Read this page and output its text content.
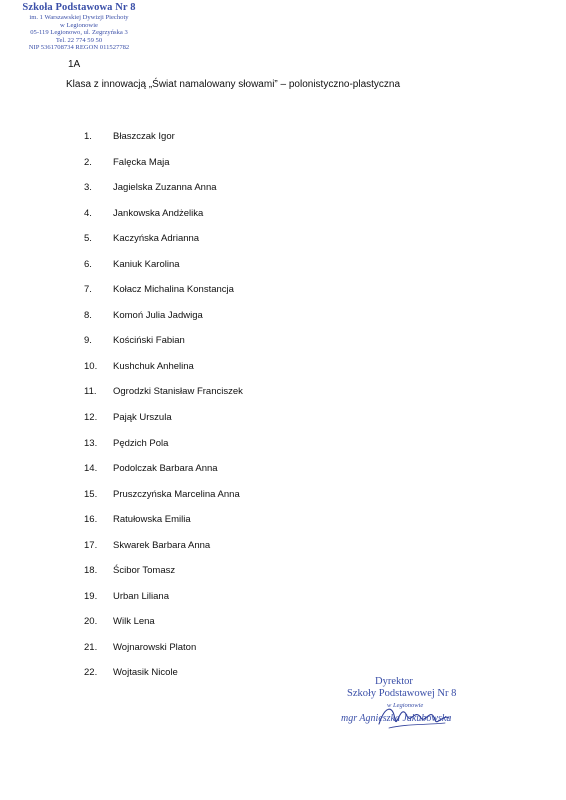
Szkoła Podstawowa Nr 8
im. 1 Warszawskiej Dywizji Piechoty
w Legionowie
05-119 Legionowo, ul. Zegrzyńska 3
Tel. 22 774 59 50
NIP 5361708734 REGON 011527782
1A
Klasa z innowacją „Świat namalowany słowami” – polonistyczno-plastyczna
1.	Błaszczak Igor
2.	Falęcka Maja
3.	Jagielska Zuzanna Anna
4.	Jankowska Andżelika
5.	Kaczyńska Adrianna
6.	Kaniuk Karolina
7.	Kołacz Michalina Konstancja
8.	Komoń Julia Jadwiga
9.	Kościński Fabian
10.	Kushchuk Anhelina
11.	Ogrodzki Stanisław Franciszek
12.	Pająk Urszula
13.	Pędzich Pola
14.	Podolczak Barbara Anna
15.	Pruszczyńska Marcelina Anna
16.	Ratułowska Emilia
17.	Skwarek Barbara Anna
18.	Ścibor Tomasz
19.	Urban Liliana
20.	Wilk Lena
21.	Wojnarowski Platon
22.	Wojtasik Nicole
Dyrektor
Szkoły Podstawowej Nr 8
w Legionowie
mgr Agnieszka Jakubowska
